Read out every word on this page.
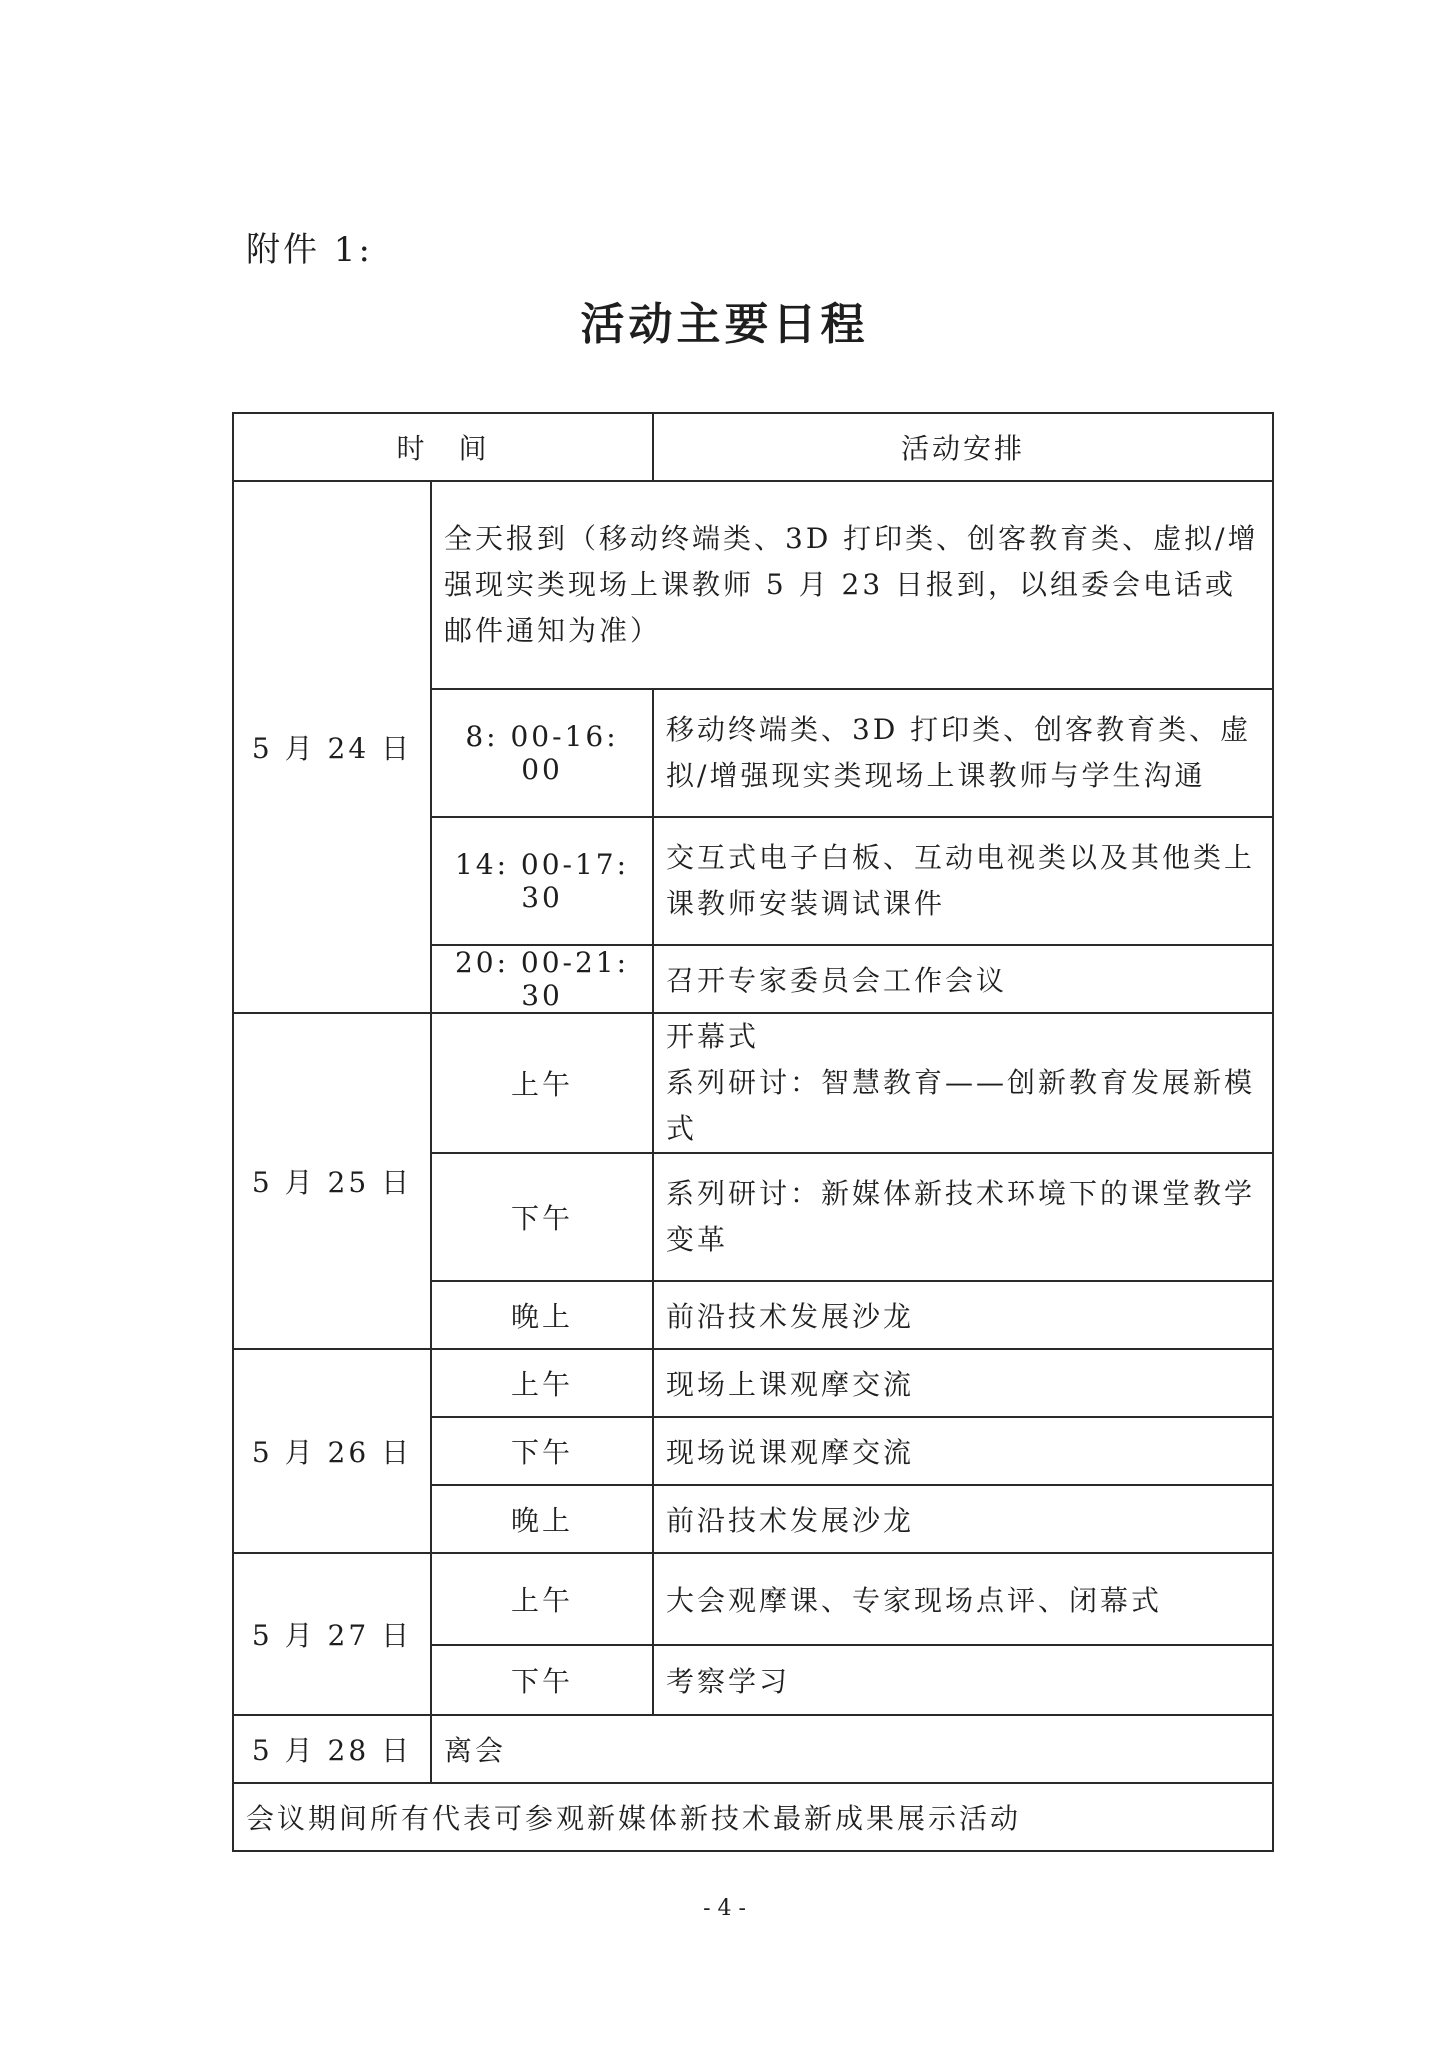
附件 1:
活动主要日程
时　间		活动安排
5 月 24 日	全天报到（移动终端类、3D 打印类、创客教育类、虚拟/增强现实类现场上课教师 5 月 23 日报到，以组委会电话或邮件通知为准）	
	8: 00-16: 00	移动终端类、3D 打印类、创客教育类、虚拟/增强现实类现场上课教师与学生沟通
	14: 00-17: 30	交互式电子白板、互动电视类以及其他类上课教师安装调试课件
	20: 00-21: 30	召开专家委员会工作会议
5 月 25 日	上午	开幕式
系列研讨：智慧教育——创新教育发展新模式

	下午	系列研讨：新媒体新技术环境下的课堂教学变革
	晚上	前沿技术发展沙龙
5 月 26 日	上午	现场上课观摩交流
	下午	现场说课观摩交流
	晚上	前沿技术发展沙龙
5 月 27 日	上午	大会观摩课、专家现场点评、闭幕式
	下午	考察学习
5 月 28 日	离会	
会议期间所有代表可参观新媒体新技术最新成果展示活动		
- 4 -
